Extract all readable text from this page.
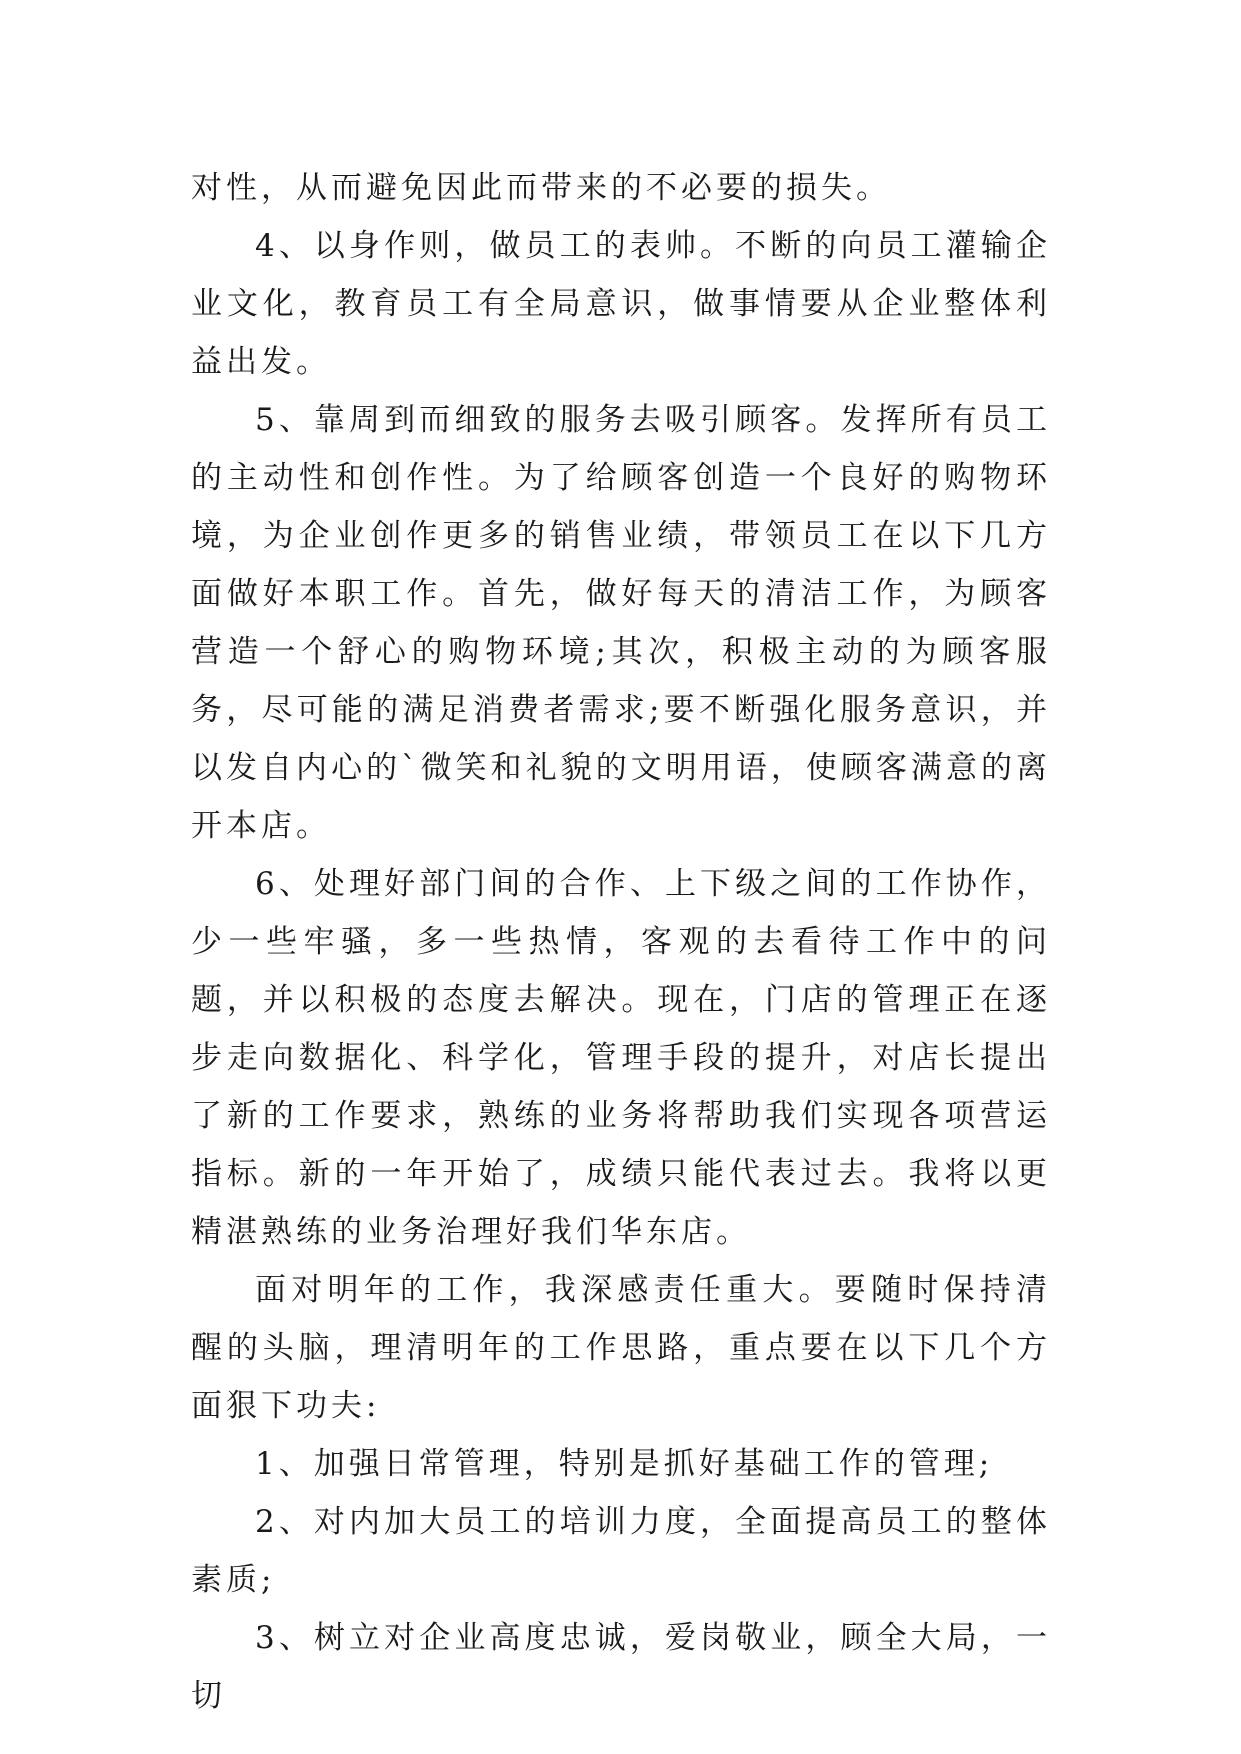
对性，从而避免因此而带来的不必要的损失。

4、以身作则，做员工的表帅。不断的向员工灌输企业文化，教育员工有全局意识，做事情要从企业整体利益出发。

5、靠周到而细致的服务去吸引顾客。发挥所有员工的主动性和创作性。为了给顾客创造一个良好的购物环境，为企业创作更多的销售业绩，带领员工在以下几方面做好本职工作。首先，做好每天的清洁工作，为顾客营造一个舒心的购物环境;其次，积极主动的为顾客服务，尽可能的满足消费者需求;要不断强化服务意识，并以发自内心的`微笑和礼貌的文明用语，使顾客满意的离开本店。

6、处理好部门间的合作、上下级之间的工作协作，少一些牢骚，多一些热情，客观的去看待工作中的问题，并以积极的态度去解决。现在，门店的管理正在逐步走向数据化、科学化，管理手段的提升，对店长提出了新的工作要求，熟练的业务将帮助我们实现各项营运指标。新的一年开始了，成绩只能代表过去。我将以更精湛熟练的业务治理好我们华东店。

面对明年的工作，我深感责任重大。要随时保持清醒的头脑，理清明年的工作思路，重点要在以下几个方面狠下功夫:

1、加强日常管理，特别是抓好基础工作的管理;

2、对内加大员工的培训力度，全面提高员工的整体素质;

3、树立对企业高度忠诚，爱岗敬业，顾全大局，一切
